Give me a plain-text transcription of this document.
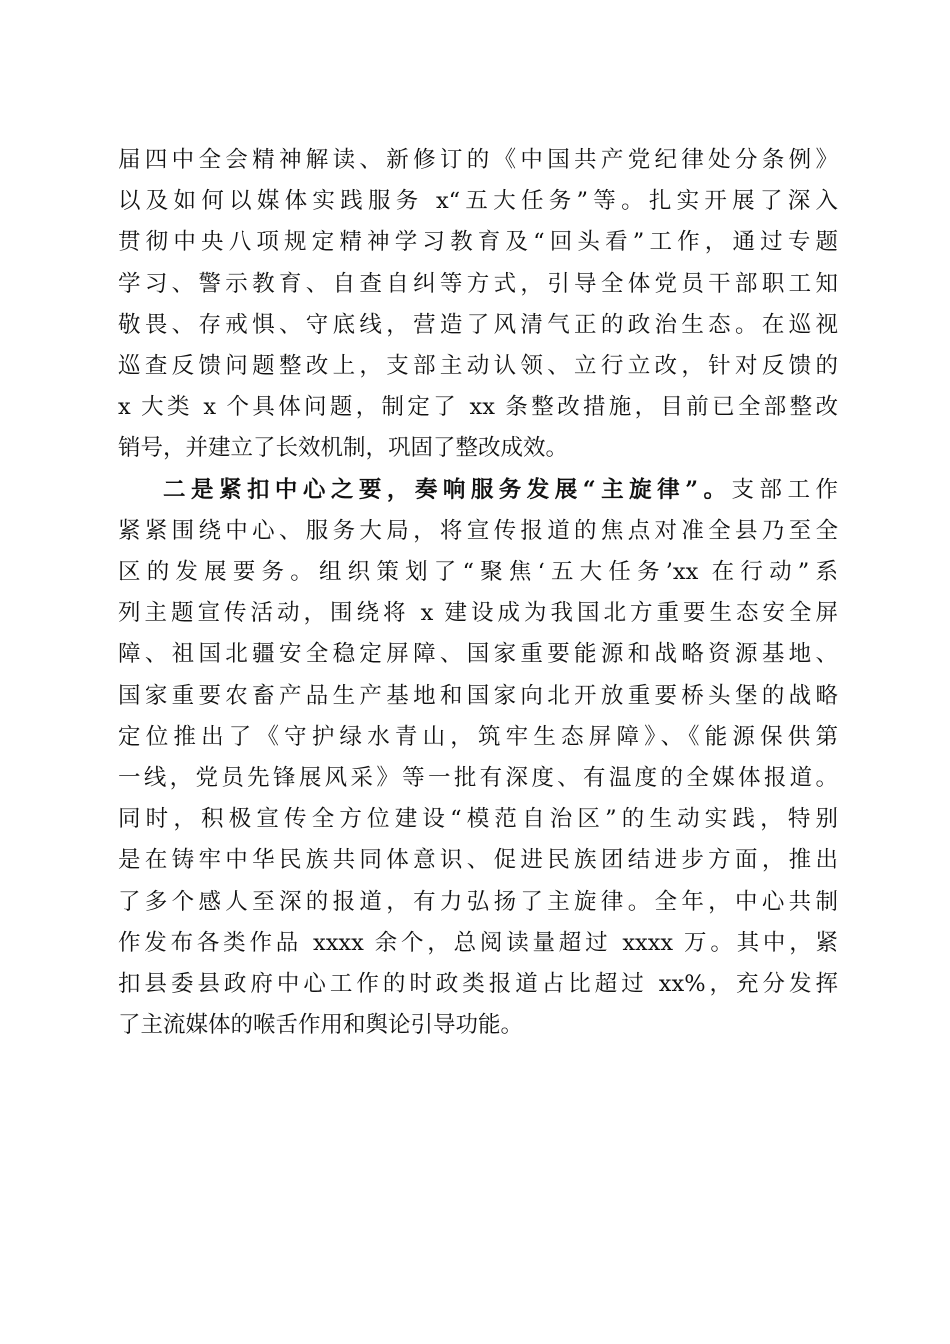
届四中全会精神解读、新修订的《中国共产党纪律处分条例》
以及如何以媒体实践服务 x“五大任务”等。扎实开展了深入
贯彻中央八项规定精神学习教育及“回头看”工作，通过专题
学习、警示教育、自查自纠等方式，引导全体党员干部职工知
敬畏、存戒惧、守底线，营造了风清气正的政治生态。在巡视
巡查反馈问题整改上，支部主动认领、立行立改，针对反馈的
x 大类 x 个具体问题，制定了 xx 条整改措施，目前已全部整改
销号，并建立了长效机制，巩固了整改成效。
二是紧扣中心之要，奏响服务发展“主旋律”。支部工作
紧紧围绕中心、服务大局，将宣传报道的焦点对准全县乃至全
区的发展要务。组织策划了“聚焦‘五大任务’xx 在行动”系
列主题宣传活动，围绕将 x 建设成为我国北方重要生态安全屏
障、祖国北疆安全稳定屏障、国家重要能源和战略资源基地、
国家重要农畜产品生产基地和国家向北开放重要桥头堡的战略
定位推出了《守护绿水青山，筑牢生态屏障》、《能源保供第
一线，党员先锋展风采》等一批有深度、有温度的全媒体报道。
同时，积极宣传全方位建设“模范自治区”的生动实践，特别
是在铸牢中华民族共同体意识、促进民族团结进步方面，推出
了多个感人至深的报道，有力弘扬了主旋律。全年，中心共制
作发布各类作品 xxxx 余个，总阅读量超过 xxxx 万。其中，紧
扣县委县政府中心工作的时政类报道占比超过 xx%，充分发挥
了主流媒体的喉舌作用和舆论引导功能。
